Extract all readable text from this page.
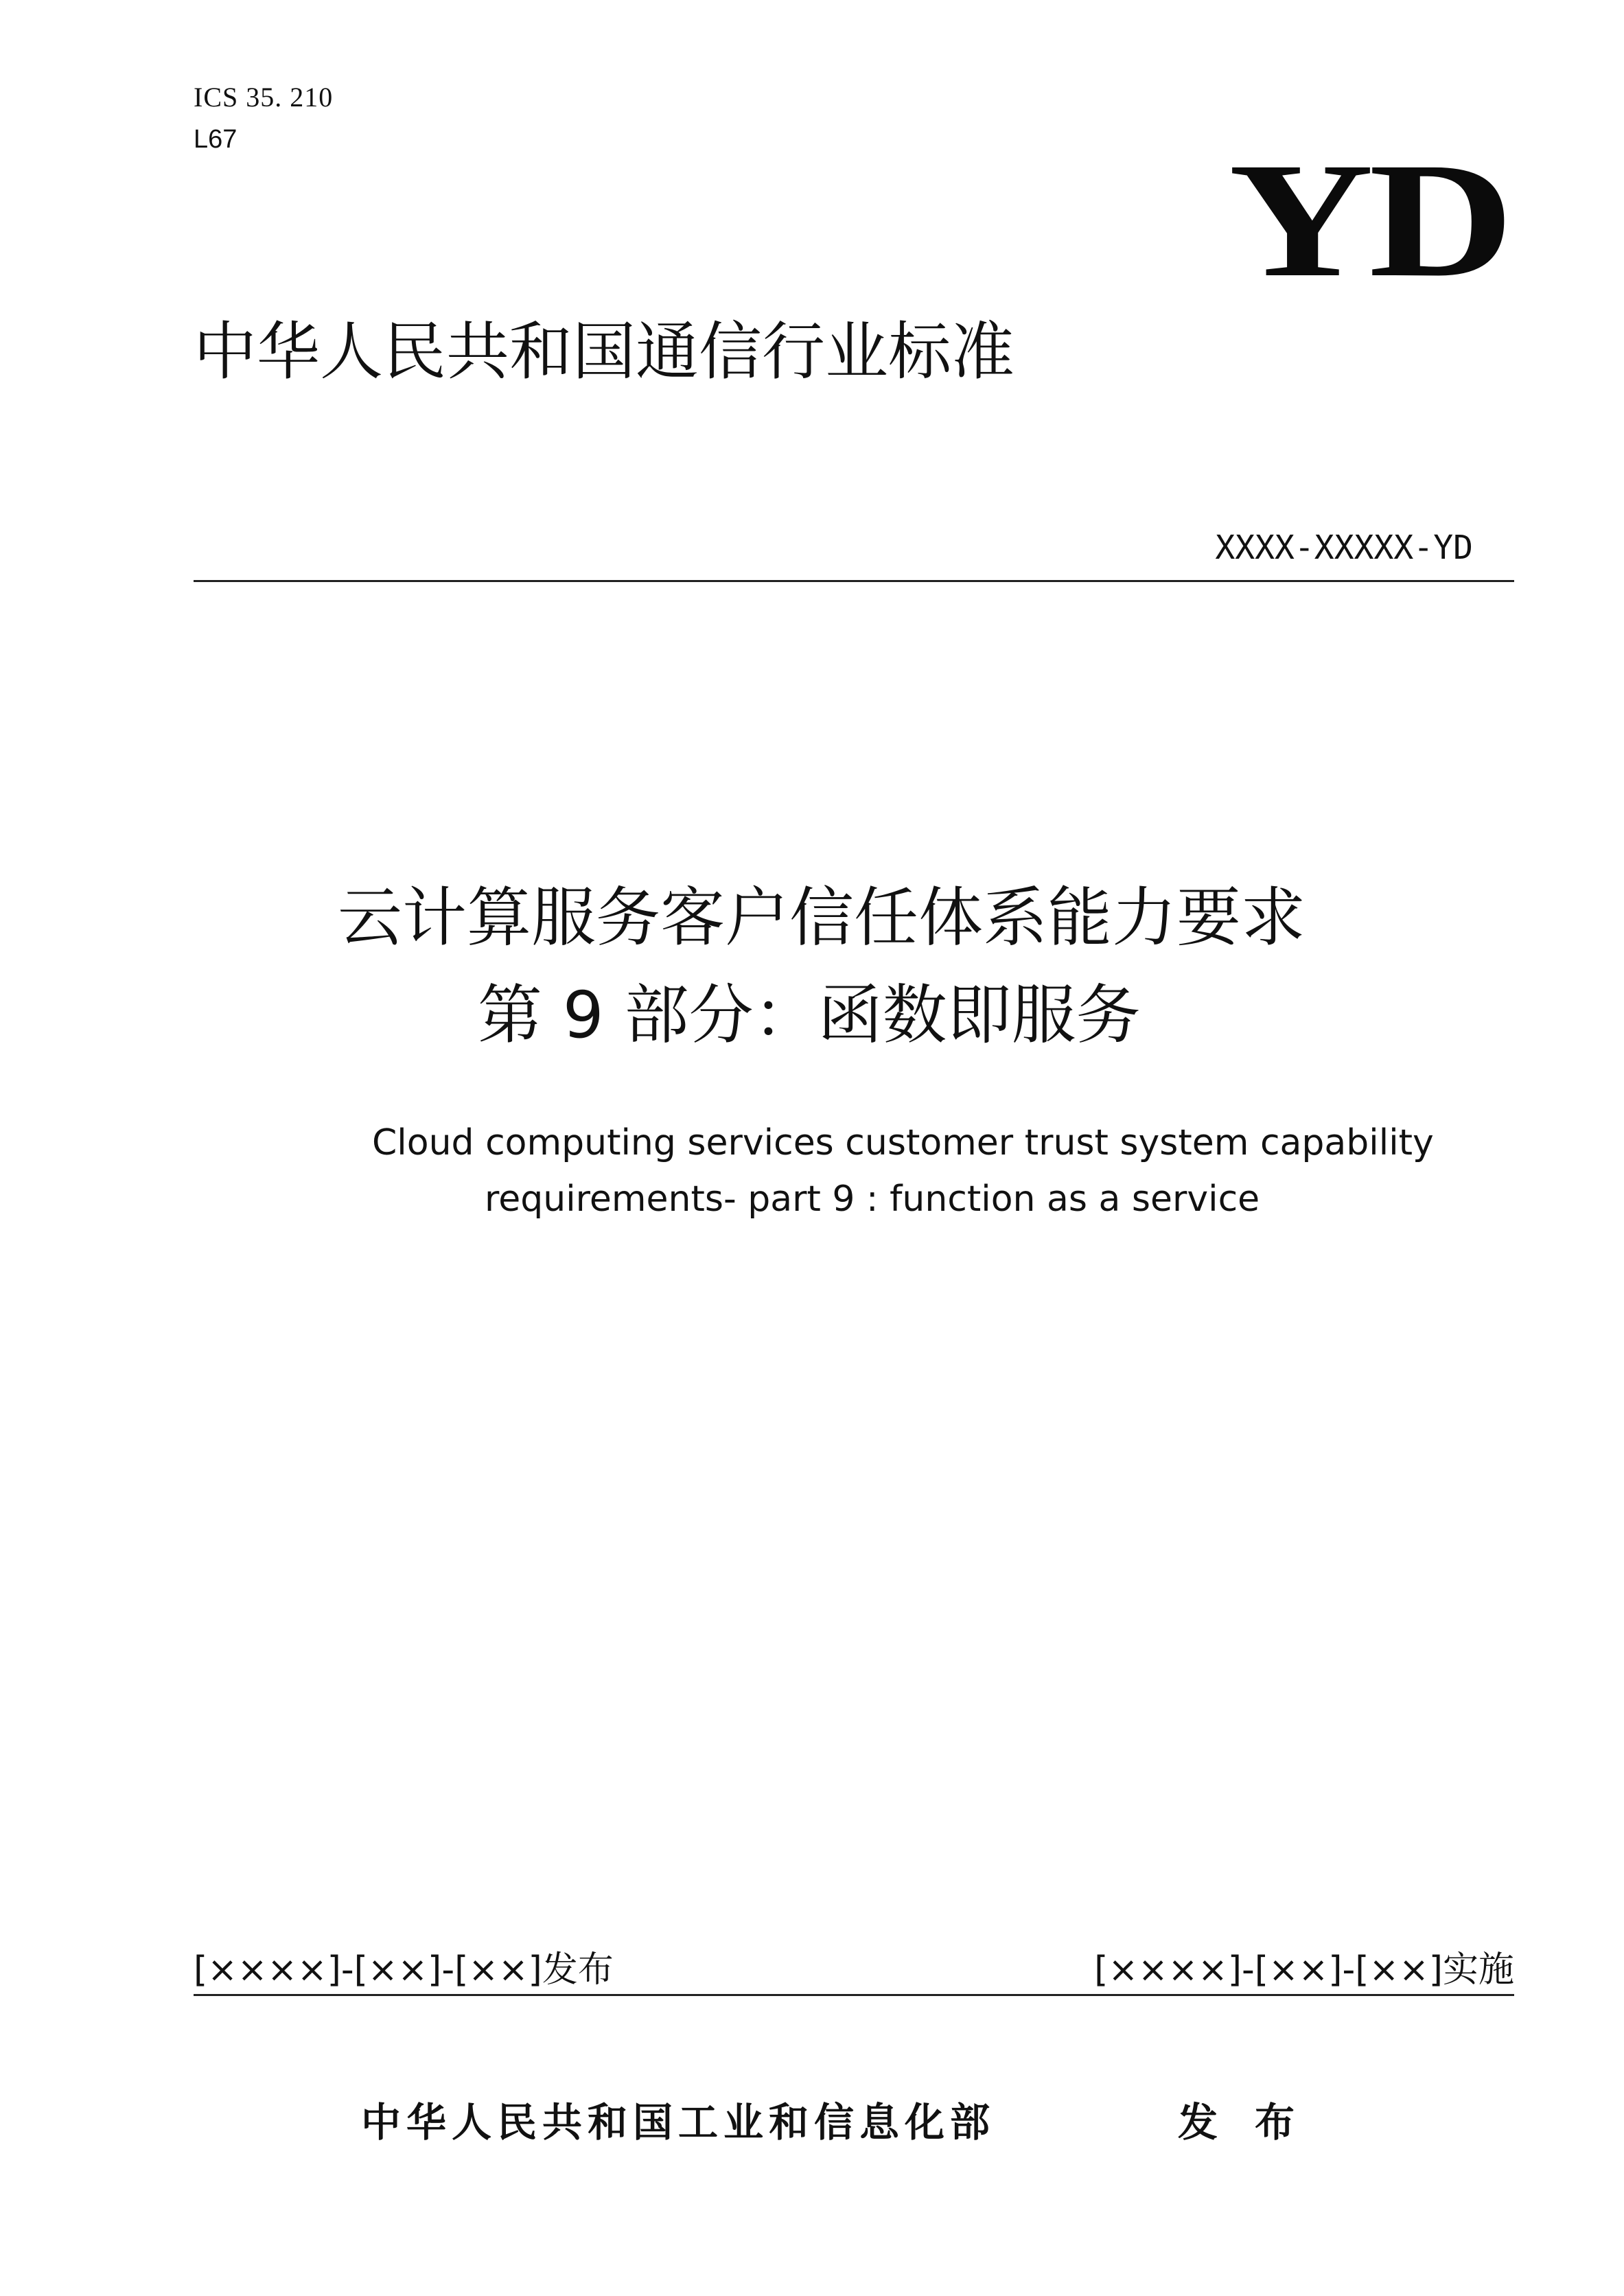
ICS 35. 210
L67	YD
中华人民共和国通信行业标准
XXXX-XXXXX-YD
云计算服务客户信任体系能力要求
第 9 部分：函数即服务
Cloud computing services customer trust system capability
requirements- part 9 : function as a service
[××××]-[××]-[××]发布	[××××]-[××]-[××]实施
中华人民共和国工业和信息化部	发布
